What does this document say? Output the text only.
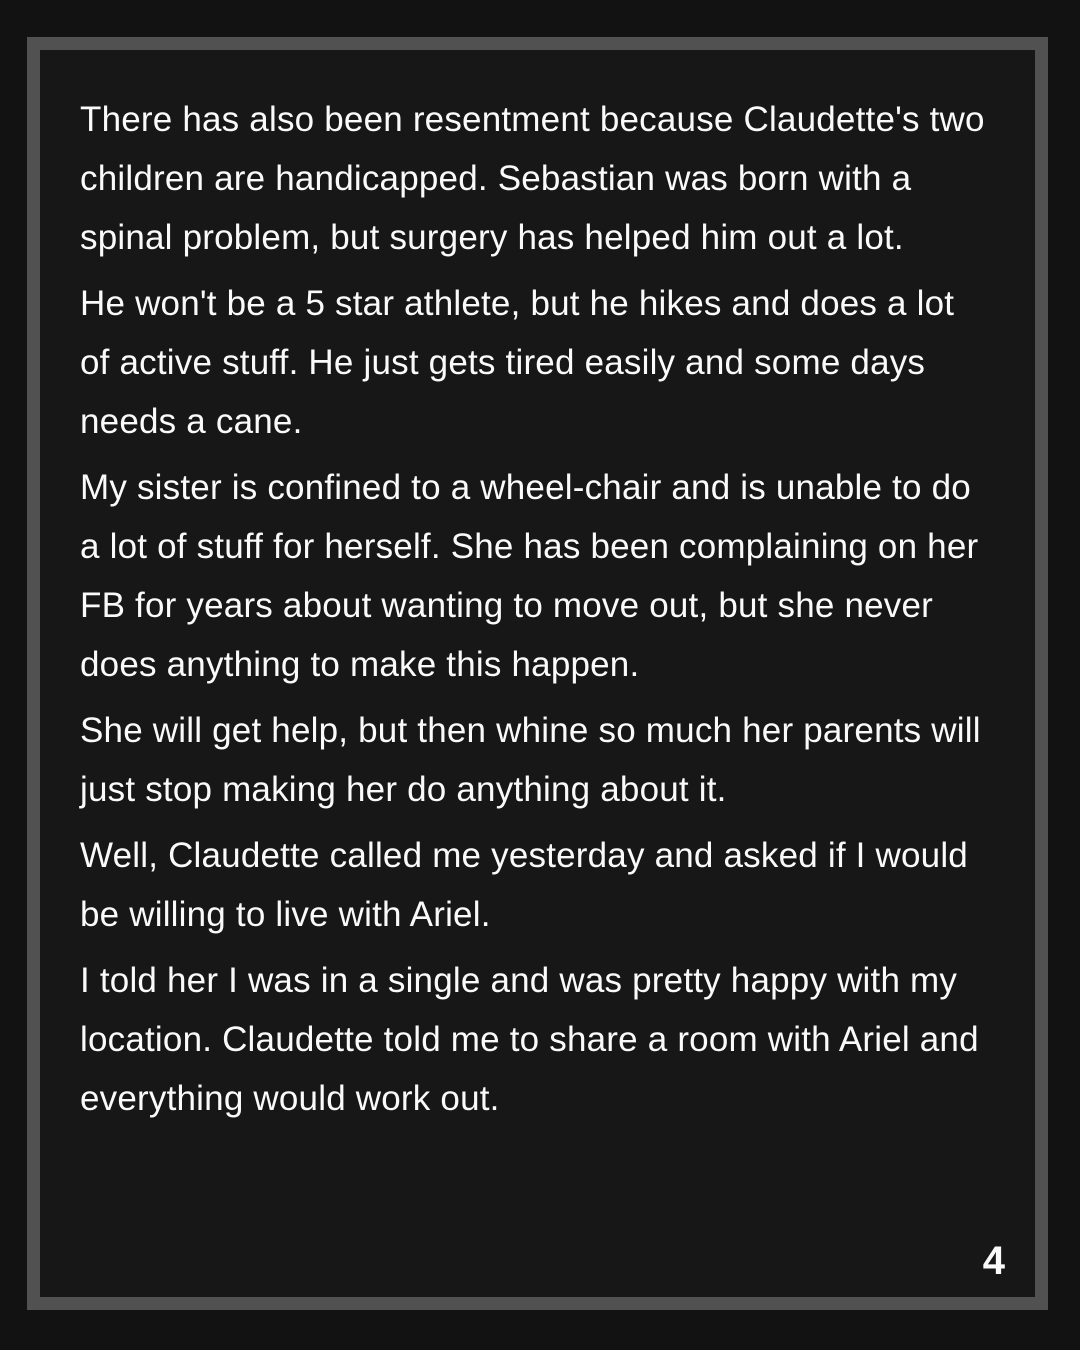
There has also been resentment because Claudette's two children are handicapped. Sebastian was born with a spinal problem, but surgery has helped him out a lot.

He won't be a 5 star athlete, but he hikes and does a lot of active stuff. He just gets tired easily and some days needs a cane.

My sister is confined to a wheel-chair and is unable to do a lot of stuff for herself. She has been complaining on her FB for years about wanting to move out, but she never does anything to make this happen.

She will get help, but then whine so much her parents will just stop making her do anything about it.

Well, Claudette called me yesterday and asked if I would be willing to live with Ariel.

I told her I was in a single and was pretty happy with my location. Claudette told me to share a room with Ariel and everything would work out.

4
